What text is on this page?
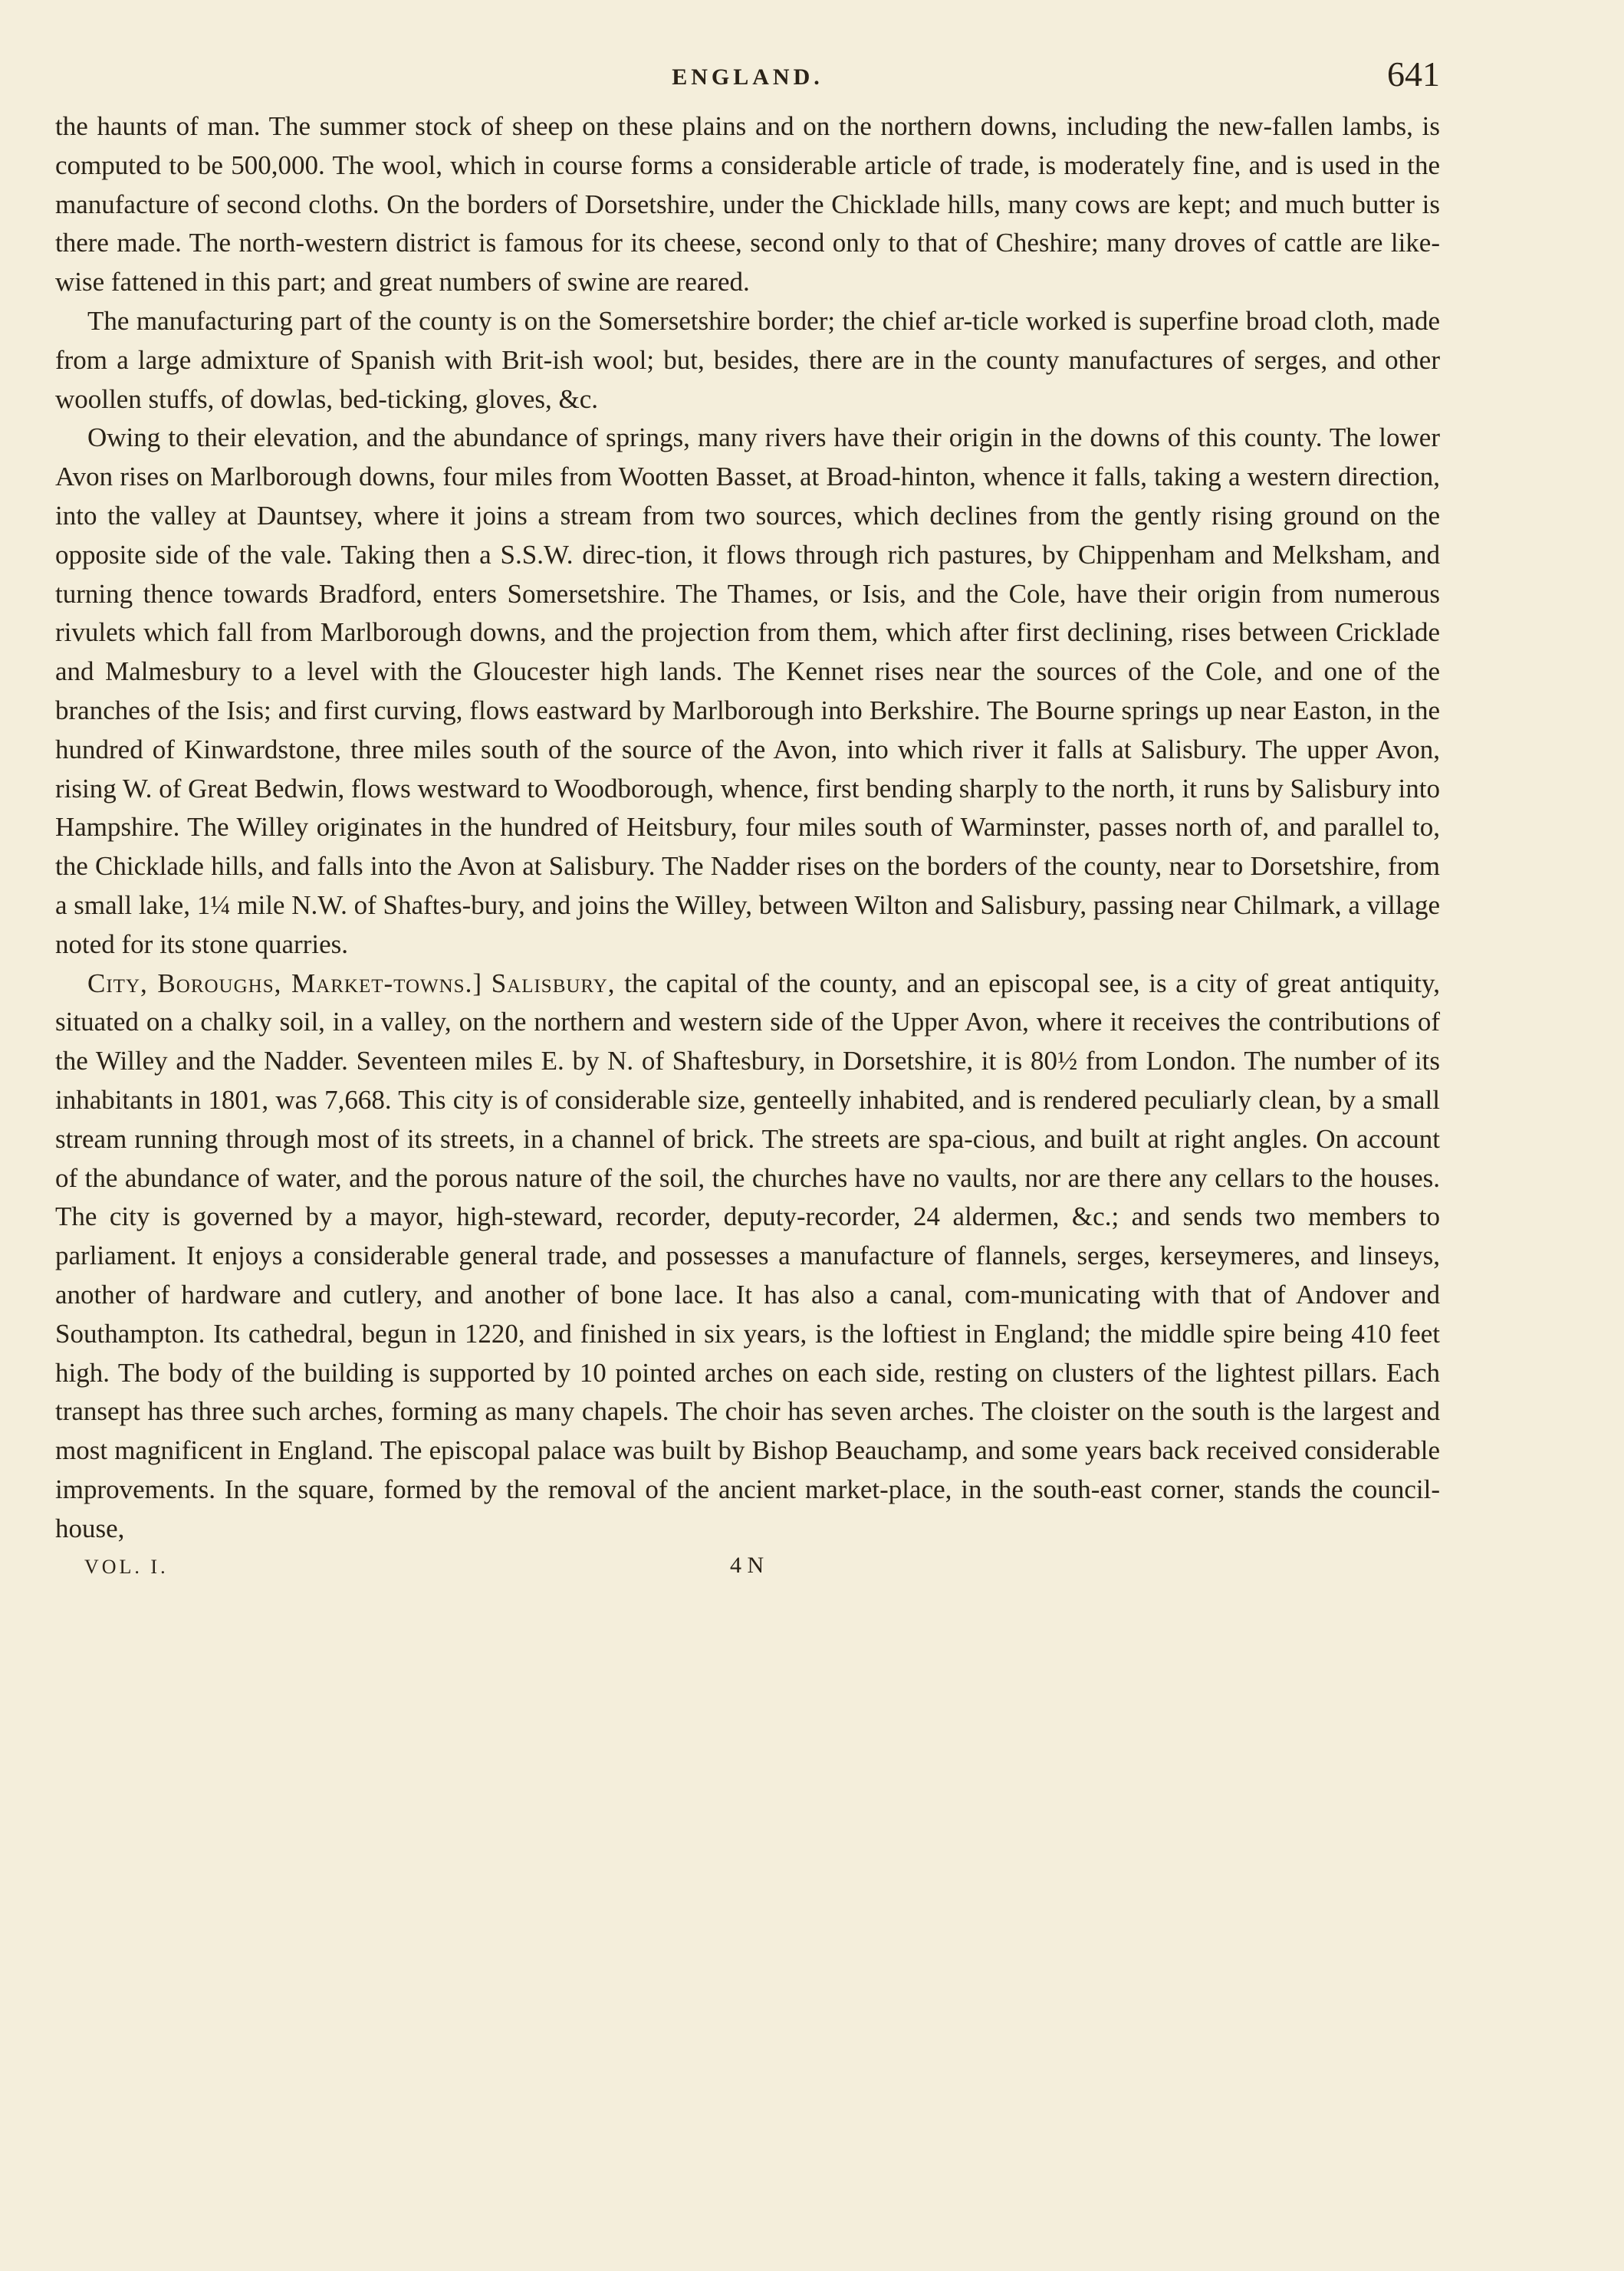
ENGLAND.	641

the haunts of man. The summer stock of sheep on these plains and on the northern downs, including the new-fallen lambs, is computed to be 500,000. The wool, which in course forms a considerable article of trade, is moderately fine, and is used in the manufacture of second cloths. On the borders of Dorsetshire, under the Chicklade hills, many cows are kept; and much butter is there made. The north-western district is famous for its cheese, second only to that of Cheshire; many droves of cattle are like-wise fattened in this part; and great numbers of swine are reared.

The manufacturing part of the county is on the Somersetshire border; the chief ar-ticle worked is superfine broad cloth, made from a large admixture of Spanish with Brit-ish wool; but, besides, there are in the county manufactures of serges, and other woollen stuffs, of dowlas, bed-ticking, gloves, &c.

Owing to their elevation, and the abundance of springs, many rivers have their origin in the downs of this county. The lower Avon rises on Marlborough downs, four miles from Wootten Basset, at Broad-hinton, whence it falls, taking a western direction, into the valley at Dauntsey, where it joins a stream from two sources, which declines from the gently rising ground on the opposite side of the vale. Taking then a S.S.W. direc-tion, it flows through rich pastures, by Chippenham and Melksham, and turning thence towards Bradford, enters Somersetshire. The Thames, or Isis, and the Cole, have their origin from numerous rivulets which fall from Marlborough downs, and the projection from them, which after first declining, rises between Cricklade and Malmesbury to a level with the Gloucester high lands. The Kennet rises near the sources of the Cole, and one of the branches of the Isis; and first curving, flows eastward by Marlborough into Berkshire. The Bourne springs up near Easton, in the hundred of Kinwardstone, three miles south of the source of the Avon, into which river it falls at Salisbury. The upper Avon, rising W. of Great Bedwin, flows westward to Woodborough, whence, first bending sharply to the north, it runs by Salisbury into Hampshire. The Willey originates in the hundred of Heitsbury, four miles south of Warminster, passes north of, and parallel to, the Chicklade hills, and falls into the Avon at Salisbury. The Nadder rises on the borders of the county, near to Dorsetshire, from a small lake, 1¼ mile N.W. of Shaftes-bury, and joins the Willey, between Wilton and Salisbury, passing near Chilmark, a village noted for its stone quarries.

City, Boroughs, Market-towns.] Salisbury, the capital of the county, and an episcopal see, is a city of great antiquity, situated on a chalky soil, in a valley, on the northern and western side of the Upper Avon, where it receives the contributions of the Willey and the Nadder. Seventeen miles E. by N. of Shaftesbury, in Dorsetshire, it is 80½ from London. The number of its inhabitants in 1801, was 7,668. This city is of considerable size, genteelly inhabited, and is rendered peculiarly clean, by a small stream running through most of its streets, in a channel of brick. The streets are spa-cious, and built at right angles. On account of the abundance of water, and the porous nature of the soil, the churches have no vaults, nor are there any cellars to the houses. The city is governed by a mayor, high-steward, recorder, deputy-recorder, 24 aldermen, &c.; and sends two members to parliament. It enjoys a considerable general trade, and possesses a manufacture of flannels, serges, kerseymeres, and linseys, another of hardware and cutlery, and another of bone lace. It has also a canal, com-municating with that of Andover and Southampton. Its cathedral, begun in 1220, and finished in six years, is the loftiest in England; the middle spire being 410 feet high. The body of the building is supported by 10 pointed arches on each side, resting on clusters of the lightest pillars. Each transept has three such arches, forming as many chapels. The choir has seven arches. The cloister on the south is the largest and most magnificent in England. The episcopal palace was built by Bishop Beauchamp, and some years back received considerable improvements. In the square, formed by the removal of the ancient market-place, in the south-east corner, stands the council-house,

VOL. I.	4 N
